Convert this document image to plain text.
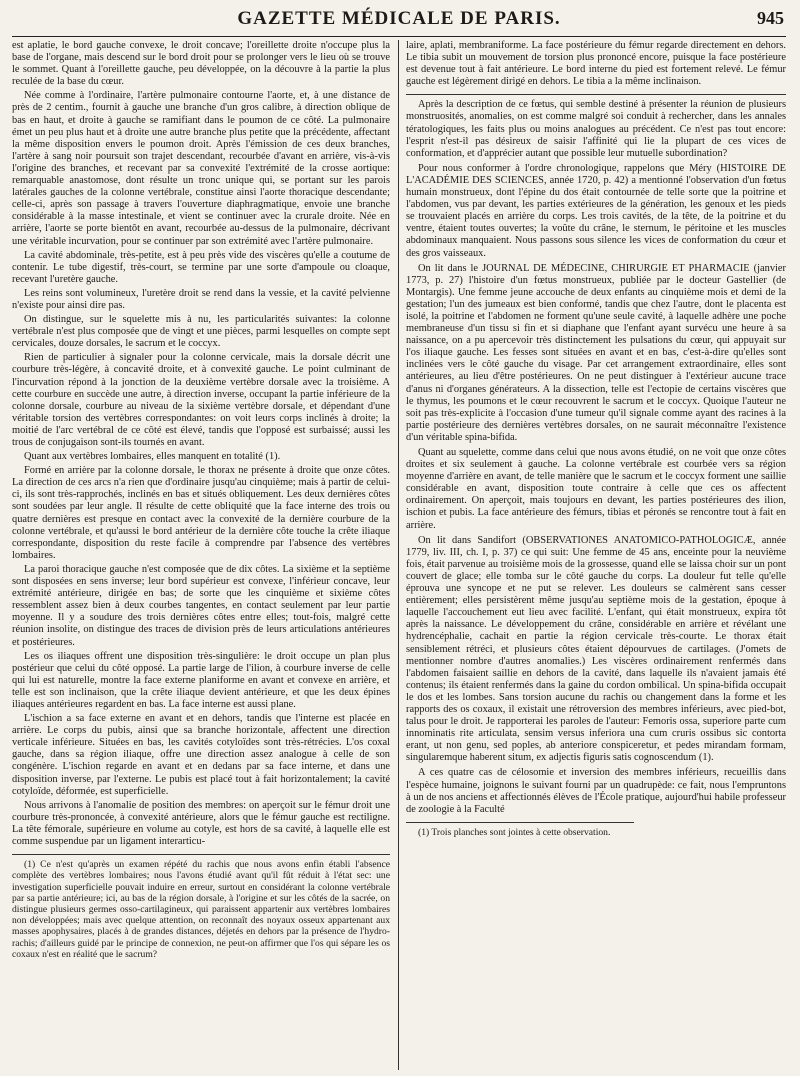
GAZETTE MÉDICALE DE PARIS.	945

est aplatie, le bord gauche convexe, le droit concave; l'oreillette droite n'occupe plus la base de l'organe, mais descend sur le bord droit pour se prolonger vers le lieu où se trouve le sommet. Quant à l'oreillette gauche, peu développée, on la découvre à la partie la plus reculée de la base du cœur.

Née comme à l'ordinaire, l'artère pulmonaire contourne l'aorte, et, à une distance de près de 2 centim., fournit à gauche une branche d'un gros calibre, à direction oblique de bas en haut, et droite à gauche se ramifiant dans le poumon de ce côté. La pulmonaire émet un peu plus haut et à droite une autre branche plus petite que la précédente, affectant la même disposition envers le poumon droit. Après l'émission de ces deux branches, l'artère à sang noir poursuit son trajet descendant, recourbée d'avant en arrière, vis-à-vis l'origine des branches, et recevant par sa convexité l'extrémité de la crosse aortique: remarquable anastomose, dont résulte un tronc unique qui, se portant sur les parois latérales gauches de la colonne vertébrale, constitue ainsi l'aorte thoracique descendante; celle-ci, après son passage à travers l'ouverture diaphragmatique, envoie une branche considérable à la masse intestinale, et vient se continuer avec la crurale droite. Née en arrière, l'aorte se porte bientôt en avant, recourbée au-dessus de la pulmonaire, décrivant une véritable incurvation, pour se continuer par son extrémité avec l'artère pulmonaire.

La cavité abdominale, très-petite, est à peu près vide des viscères qu'elle a coutume de contenir. Le tube digestif, très-court, se termine par une sorte d'ampoule ou cloaque, recevant l'uretère gauche.

Les reins sont volumineux, l'uretère droit se rend dans la vessie, et la cavité pelvienne n'existe pour ainsi dire pas.

On distingue, sur le squelette mis à nu, les particularités suivantes: la colonne vertébrale n'est plus composée que de vingt et une pièces, parmi lesquelles on compte sept cervicales, douze dorsales, le sacrum et le coccyx.

Rien de particulier à signaler pour la colonne cervicale, mais la dorsale décrit une courbure très-légère, à concavité droite, et à convexité gauche. Le point culminant de l'incurvation répond à la jonction de la deuxième vertèbre dorsale avec la troisième. A cette courbure en succède une autre, à direction inverse, occupant la partie inférieure de la colonne dorsale, courbure au niveau de la sixième vertèbre dorsale, et dépendant d'une véritable torsion des vertèbres correspondantes: on voit leurs corps inclinés à droite; la moitié de l'arc vertébral de ce côté est élevé, tandis que l'opposé est surbaissé; aussi les trous de conjugaison sont-ils tournés en avant.

Quant aux vertèbres lombaires, elles manquent en totalité (1).

Formé en arrière par la colonne dorsale, le thorax ne présente à droite que onze côtes. La direction de ces arcs n'a rien que d'ordinaire jusqu'au cinquième; mais à partir de celui-ci, ils sont très-rapprochés, inclinés en bas et situés obliquement. Les deux dernières côtes sont soudées par leur angle. Il résulte de cette obliquité que la face interne des trois ou quatre dernières est presque en contact avec la convexité de la dernière courbure de la colonne vertébrale, et qu'aussi le bord antérieur de la dernière côte touche la crête iliaque correspondante, disposition du reste facile à comprendre par l'absence des vertèbres lombaires.

La paroi thoracique gauche n'est composée que de dix côtes. La sixième et la septième sont disposées en sens inverse; leur bord supérieur est convexe, l'inférieur concave, leur extrémité antérieure, dirigée en bas; de sorte que les cinquième et sixième côtes ressemblent assez bien à deux courbes tangentes, en contact seulement par leur partie moyenne. Il y a soudure des trois dernières côtes entre elles; tout-fois, malgré cette réunion insolite, on distingue des traces de division près de leurs articulations antérieures et postérieures.

Les os iliaques offrent une disposition très-singulière: le droit occupe un plan plus postérieur que celui du côté opposé. La partie large de l'ilion, à courbure inverse de celle qui lui est naturelle, montre la face externe planiforme en avant et convexe en arrière, et telle est son inclinaison, que la crête iliaque devient antérieure, et que les deux épines iliaques antérieures regardent en bas. La face interne est aussi plane.

L'ischion a sa face externe en avant et en dehors, tandis que l'interne est placée en arrière. Le corps du pubis, ainsi que sa branche horizontale, affectent une direction verticale inférieure. Situées en bas, les cavités cotyloïdes sont très-rétrécies. L'os coxal gauche, dans sa région iliaque, offre une direction assez analogue à celle de son congénère. L'ischion regarde en avant et en dedans par sa face interne, et dans une disposition inverse, par l'externe. Le pubis est placé tout à fait horizontalement; la cavité cotyloïde, déformée, est superficielle.

Nous arrivons à l'anomalie de position des membres: on aperçoit sur le fémur droit une courbure très-prononcée, à convexité antérieure, alors que le fémur gauche est rectiligne. La tête fémorale, supérieure en volume au cotyle, est hors de sa cavité, à laquelle elle est comme suspendue par un ligament interarticu-

(1) Ce n'est qu'après un examen répété du rachis que nous avons enfin établi l'absence complète des vertèbres lombaires; nous l'avons étudié avant qu'il fût réduit à l'état sec: une investigation superficielle pouvait induire en erreur, surtout en considérant la colonne vertébrale par sa partie antérieure; ici, au bas de la région dorsale, à l'origine et sur les côtés de la sacrée, on distingue plusieurs germes osso-cartilagineux, qui paraissent appartenir aux vertèbres lombaires non développées; mais avec quelque attention, on reconnaît des noyaux osseux appartenant aux masses apophysaires, placés à de grandes distances, déjetés en dehors par la présence de l'hydro-rachis; d'ailleurs guidé par le principe de connexion, ne peut-on affirmer que l'os qui sépare les os coxaux n'est en réalité que le sacrum?

laire, aplati, membraniforme. La face postérieure du fémur regarde directement en dehors. Le tibia subit un mouvement de torsion plus prononcé encore, puisque la face postérieure est devenue tout à fait antérieure. Le bord interne du pied est fortement relevé. Le fémur gauche est légèrement dirigé en dehors. Le tibia a la même inclinaison.

Après la description de ce fœtus, qui semble destiné à présenter la réunion de plusieurs monstruosités, anomalies, on est comme malgré soi conduit à rechercher, dans les annales tératologiques, les faits plus ou moins analogues au précédent. Ce n'est pas tout encore: l'esprit n'est-il pas désireux de saisir l'affinité qui lie la plupart de ces vices de conformation, et d'apprécier autant que possible leur mutuelle subordination?

Pour nous conformer à l'ordre chronologique, rappelons que Méry (HISTOIRE DE L'ACADÉMIE DES SCIENCES, année 1720, p. 42) a mentionné l'observation d'un fœtus humain monstrueux, dont l'épine du dos était contournée de telle sorte que la poitrine et l'abdomen, vus par devant, les parties extérieures de la génération, les genoux et les pieds se trouvaient placés en arrière du corps. Les trois cavités, de la tête, de la poitrine et du ventre, étaient toutes ouvertes; la voûte du crâne, le sternum, le péritoine et les muscles abdominaux manquaient. Nous passons sous silence les vices de conformation du cœur et des gros vaisseaux.

On lit dans le JOURNAL DE MÉDECINE, CHIRURGIE ET PHARMACIE (janvier 1773, p. 27) l'histoire d'un fœtus monstrueux, publiée par le docteur Gastellier (de Montargis). Une femme jeune accouche de deux enfants au cinquième mois et demi de la gestation; l'un des jumeaux est bien conformé, tandis que chez l'autre, dont le placenta est isolé, la poitrine et l'abdomen ne forment qu'une seule cavité, à laquelle adhère une poche membraneuse d'un tissu si fin et si diaphane que l'enfant ayant survécu une heure à sa naissance, on a pu apercevoir très distinctement les pulsations du cœur, qui appuyait sur l'os iliaque gauche. Les fesses sont situées en avant et en bas, c'est-à-dire qu'elles sont inclinées vers le côté gauche du visage. Par cet arrangement extraordinaire, elles sont antérieures, au lieu d'être postérieures. On ne peut distinguer à l'extérieur aucune trace d'anus ni d'organes générateurs. A la dissection, telle est l'ectopie de certains viscères que le thymus, les poumons et le cœur recouvrent le sacrum et le coccyx. Quoique l'auteur ne soit pas très-explicite à l'occasion d'une tumeur qu'il signale comme ayant des racines à la partie postérieure des dernières vertèbres dorsales, on ne saurait méconnaître l'existence d'un véritable spina-bifida.

Quant au squelette, comme dans celui que nous avons étudié, on ne voit que onze côtes droites et six seulement à gauche. La colonne vertébrale est courbée vers sa région moyenne d'arrière en avant, de telle manière que le sacrum et le coccyx forment une saillie considérable en avant, disposition toute contraire à celle que ces os affectent ordinairement. On aperçoit, mais toujours en devant, les parties postérieures des ilion, ischion et pubis. La face antérieure des fémurs, tibias et péronés se rencontre tout à fait en arrière.

On lit dans Sandifort (OBSERVATIONES ANATOMICO-PATHOLOGICÆ, année 1779, liv. III, ch. I, p. 37) ce qui suit: Une femme de 45 ans, enceinte pour la neuvième fois, était parvenue au troisième mois de la grossesse, quand elle se laissa choir sur un pont couvert de glace; elle tomba sur le côté gauche du corps. La douleur fut telle qu'elle éprouva une syncope et ne put se relever. Les douleurs se calmèrent sans cesser entièrement; elles persistèrent même jusqu'au septième mois de la gestation, époque à laquelle l'accouchement eut lieu avec facilité. L'enfant, qui était monstrueux, expira tôt après la naissance. Le développement du crâne, considérable en arrière et révélant une hydrencéphalie, cachait en partie la région cervicale très-courte. Le thorax était sensiblement rétréci, et plusieurs côtes étaient dépourvues de cartilages. (J'omets de mentionner nombre d'autres anomalies.) Les viscères ordinairement renfermés dans l'abdomen faisaient saillie en dehors de la cavité, dans laquelle ils n'avaient jamais été contenus; ils étaient renfermés dans la gaine du cordon ombilical. Un spina-bifida occupait le dos et les lombes. Sans torsion aucune du rachis ou changement dans la forme et les rapports des os coxaux, il existait une rétroversion des membres inférieurs, avec pied-bot, talus pour le droit. Je rapporterai les paroles de l'auteur: Femoris ossa, superiore parte cum innominatis rite articulata, sensim versus inferiora una cum cruris ossibus sic contorta erant, ut non genu, sed poples, ab anteriore conspiceretur, et pedes mirandam formam, singularemque haberent situm, ex adjectis figuris satis cognoscendum (1).

A ces quatre cas de célosomie et inversion des membres inférieurs, recueillis dans l'espèce humaine, joignons le suivant fourni par un quadrupède: ce fait, nous l'empruntons à un de nos anciens et affectionnés élèves de l'École pratique, aujourd'hui habile professeur de zoologie à la Faculté

(1) Trois planches sont jointes à cette observation.
